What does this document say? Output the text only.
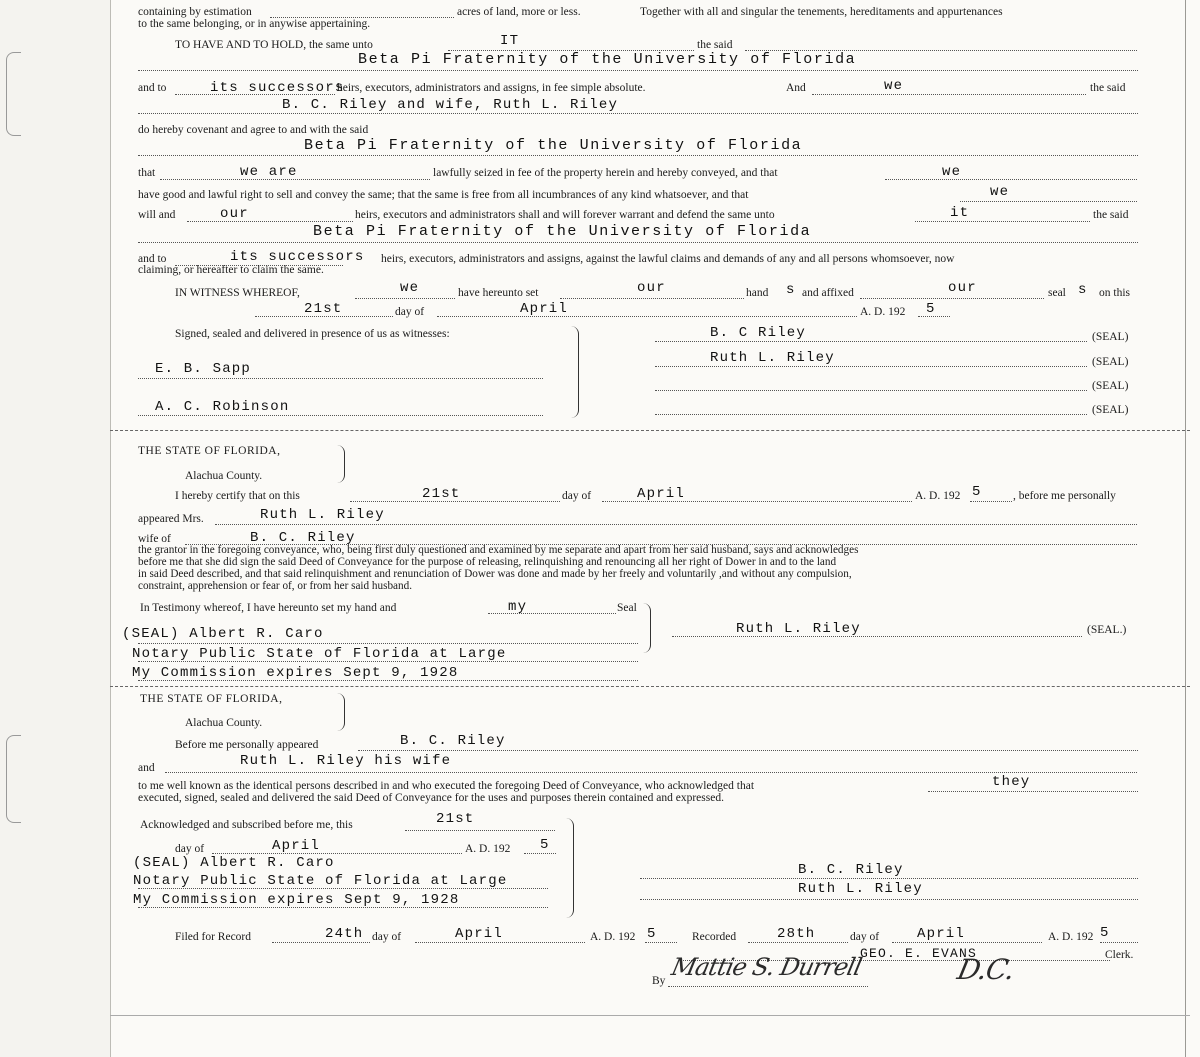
containing by estimation	acres of land, more or less.	Together with all and singular the tenements, hereditaments and appurtenances
to the same belonging, or in anywise appertaining.
TO HAVE AND TO HOLD, the same unto	IT	the said
Beta Pi Fraternity of the University of Florida
and to	its successors
heirs, executors, administrators and assigns, in fee simple absolute.	And	we	the said
B. C. Riley and wife, Ruth L. Riley
do hereby covenant and agree to and with the said
Beta Pi Fraternity of the University of Florida
that	we are	lawfully seized in fee of the property herein and hereby conveyed, and that	we
have good and lawful right to sell and convey the same; that the same is free from all incumbrances of any kind whatsoever, and that	we
will and	our	heirs, executors and administrators shall and will forever warrant and defend the same unto	it	the said
Beta Pi Fraternity of the University of Florida
and to	its successors heirs, executors, administrators and assigns, against the lawful claims and demands of any and all persons whomsoever, now
claiming, or hereafter to claim the same.
IN WITNESS WHEREOF,	we	have hereunto set	our	hand s and affixed	our	seal s on this
21st	day of	April	A. D. 192 5
Signed, sealed and delivered in presence of us as witnesses:	B. C Riley	(SEAL)
Ruth L. Riley	(SEAL)
(SEAL)
(SEAL)
E. B. Sapp
A. C. Robinson
THE STATE OF FLORIDA,
Alachua County.
I hereby certify that on this	21st	day of	April	A. D. 192 5	, before me personally
appeared Mrs.	Ruth L. Riley
wife of	B. C. Riley
the grantor in the foregoing conveyance, who, being first duly questioned and examined by me separate and apart from her said husband, says and acknowledges
before me that she did sign the said Deed of Conveyance for the purpose of releasing, relinquishing and renouncing all her right of Dower in and to the land
in said Deed described, and that said relinquishment and renunciation of Dower was done and made by her freely and voluntarily ,and without any compulsion,
constraint, apprehension or fear of, or from her said husband.
In Testimony whereof, I have hereunto set my hand and	my	Seal
(SEAL) Albert R. Caro
Notary Public State of Florida at Large
My Commission expires Sept 9, 1928
Ruth L. Riley	(SEAL.)
THE STATE OF FLORIDA,
Alachua County.
Before me personally appeared	B. C. Riley
and	Ruth L. Riley his wife
to me well known as the identical persons described in and who executed the foregoing Deed of Conveyance, who acknowledged that	they
executed, signed, sealed and delivered the said Deed of Conveyance for the uses and purposes therein contained and expressed.
Acknowledged and subscribed before me, this	21st
day of	April	A. D. 192 5
(SEAL) Albert R. Caro
Notary Public State of Florida at Large
My Commission expires Sept 9, 1928
B. C. Riley
Ruth L. Riley
Filed for Record	24th day of	April	A. D. 192 5	Recorded	28th	day of	April	A. D. 192 5
GEO. E. EVANS	Clerk.
By Mattie S. Durrell	D.C.
